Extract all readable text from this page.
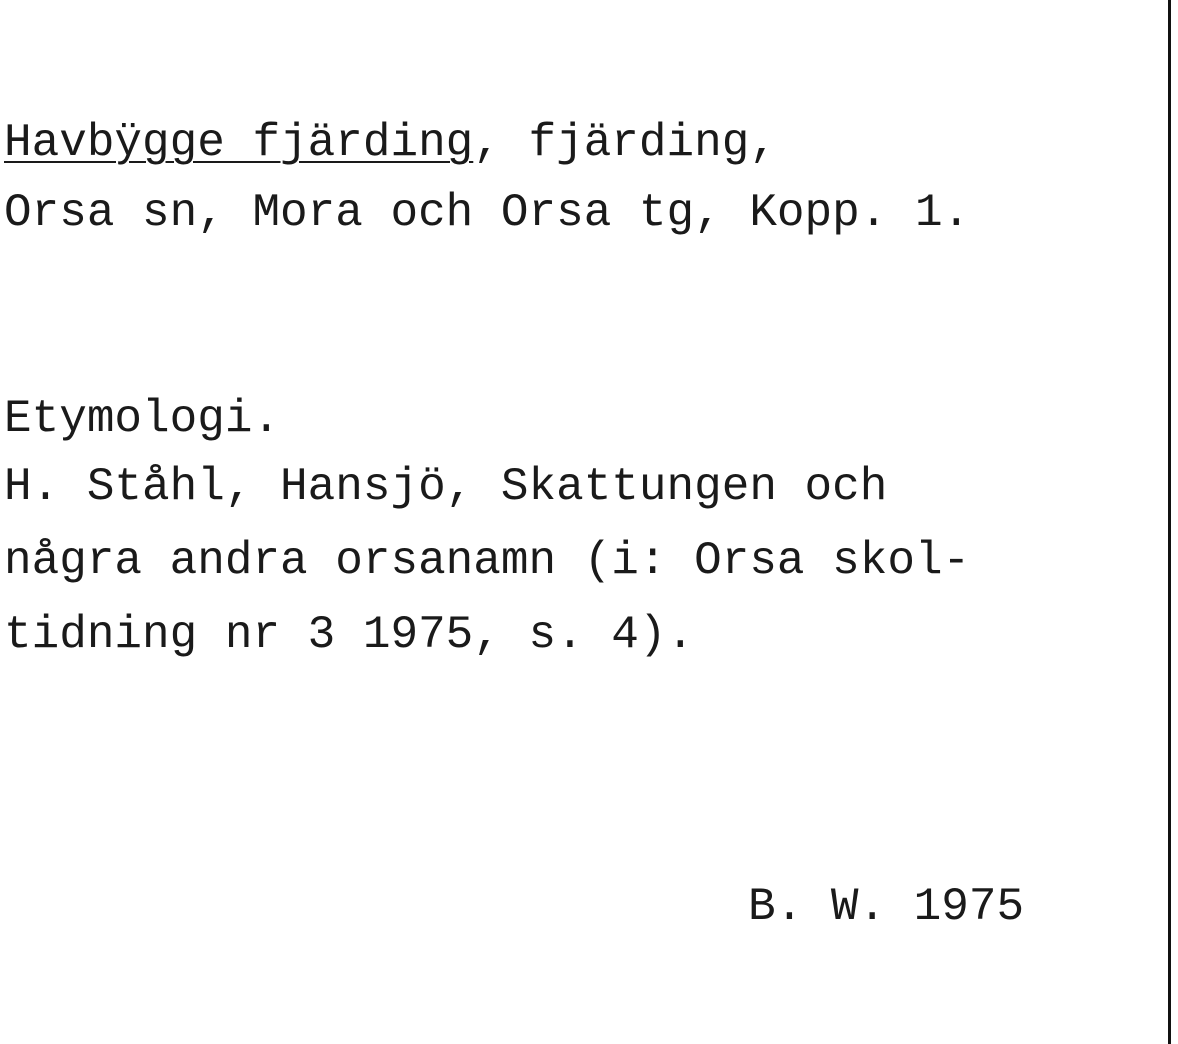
Havbÿgge fjärding, fjärding,

Orsa sn, Mora och Orsa tg, Kopp. 1.

Etymologi.

H. Ståhl, Hansjö, Skattungen och

några andra orsanamn (i: Orsa skol-

tidning nr 3 1975, s. 4).

B. W. 1975
